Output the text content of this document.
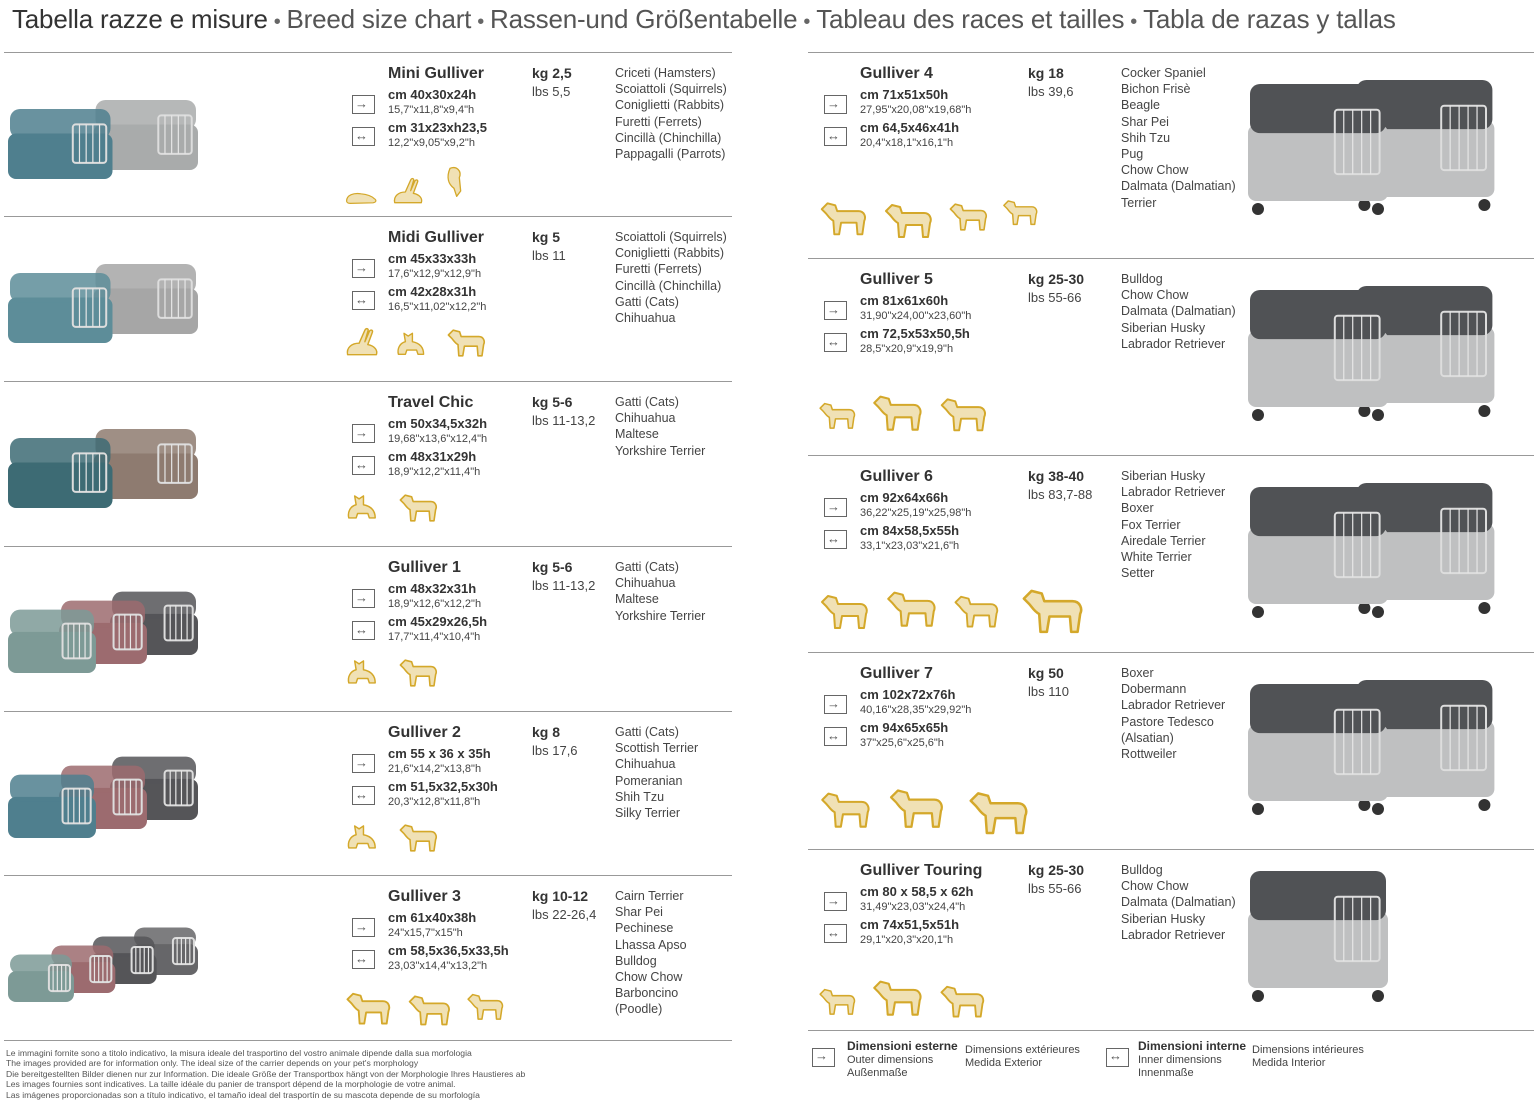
Tabella razze e misure • Breed size chart • Rassen-und Größentabelle • Tableau des races et tailles • Tabla de razas y tallas
Mini Gulliver
→
cm 40x30x24h
15,7"x11,8"x9,4"h
↔
cm 31x23xh23,5
12,2"x9,05"x9,2"h
kg 2,5
lbs 5,5
Criceti (Hamsters)
Scoiattoli (Squirrels)
Coniglietti (Rabbits)
Furetti (Ferrets)
Cincillà (Chinchilla)
Pappagalli (Parrots)
Midi Gulliver
→
cm 45x33x33h
17,6"x12,9"x12,9"h
↔
cm 42x28x31h
16,5"x11,02"x12,2"h
kg 5
lbs 11
Scoiattoli (Squirrels)
Coniglietti (Rabbits)
Furetti (Ferrets)
Cincillà (Chinchilla)
Gatti (Cats)
Chihuahua
Travel Chic
→
cm 50x34,5x32h
19,68"x13,6"x12,4"h
↔
cm 48x31x29h
18,9"x12,2"x11,4"h
kg 5-6
lbs 11-13,2
Gatti (Cats)
Chihuahua
Maltese
Yorkshire Terrier
Gulliver 1
→
cm 48x32x31h
18,9"x12,6"x12,2"h
↔
cm 45x29x26,5h
17,7"x11,4"x10,4"h
kg 5-6
lbs 11-13,2
Gatti (Cats)
Chihuahua
Maltese
Yorkshire Terrier
Gulliver 2
→
cm 55 x 36 x 35h
21,6"x14,2"x13,8"h
↔
cm 51,5x32,5x30h
20,3"x12,8"x11,8"h
kg 8
lbs 17,6
Gatti (Cats)
Scottish Terrier
Chihuahua
Pomeranian
Shih Tzu
Silky Terrier
Gulliver 3
→
cm 61x40x38h
24"x15,7"x15"h
↔
cm 58,5x36,5x33,5h
23,03"x14,4"x13,2"h
kg 10-12
lbs 22-26,4
Cairn Terrier
Shar Pei
Pechinese
Lhassa Apso
Bulldog
Chow Chow
Barboncino
(Poodle)
Gulliver 4
→
cm 71x51x50h
27,95"x20,08"x19,68"h
↔
cm 64,5x46x41h
20,4"x18,1"x16,1"h
kg 18
lbs 39,6
Cocker Spaniel
Bichon Frisè
Beagle
Shar Pei
Shih Tzu
Pug
Chow Chow
Dalmata (Dalmatian)
Terrier
Gulliver 5
→
cm 81x61x60h
31,90"x24,00"x23,60"h
↔
cm 72,5x53x50,5h
28,5"x20,9"x19,9"h
kg 25-30
lbs 55-66
Bulldog
Chow Chow
Dalmata (Dalmatian)
Siberian Husky
Labrador Retriever
Gulliver 6
→
cm 92x64x66h
36,22"x25,19"x25,98"h
↔
cm 84x58,5x55h
33,1"x23,03"x21,6"h
kg 38-40
lbs 83,7-88
Siberian Husky
Labrador Retriever
Boxer
Fox Terrier
Airedale Terrier
White Terrier
Setter
Gulliver 7
→
cm 102x72x76h
40,16"x28,35"x29,92"h
↔
cm 94x65x65h
37"x25,6"x25,6"h
kg 50
lbs 110
Boxer
Dobermann
Labrador Retriever
Pastore Tedesco
(Alsatian)
Rottweiler
Gulliver Touring
→
cm 80 x 58,5 x 62h
31,49"x23,03"x24,4"h
↔
cm 74x51,5x51h
29,1"x20,3"x20,1"h
kg 25-30
lbs 55-66
Bulldog
Chow Chow
Dalmata (Dalmatian)
Siberian Husky
Labrador Retriever
Le immagini fornite sono a titolo indicativo, la misura ideale del trasportino del vostro animale dipende dalla sua morfologia
The images provided are for information only. The ideal size of the carrier depends on your pet's morphology
Die bereitgestellten Bilder dienen nur zur Information. Die ideale Größe der Transportbox hängt von der Morphologie Ihres Haustieres ab
Les images fournies sont indicatives. La taille idéale du panier de transport dépend de la morphologie de votre animal.
Las imágenes proporcionadas son a título indicativo, el tamaño ideal del trasportín de su mascota depende de su morfología
→
Dimensioni esterne
Outer dimensions
Außenmaße
Dimensions extérieures
Medida Exterior	↔
Dimensioni interne
Inner dimensions
Innenmaße
Dimensions intérieures
Medida Interior
